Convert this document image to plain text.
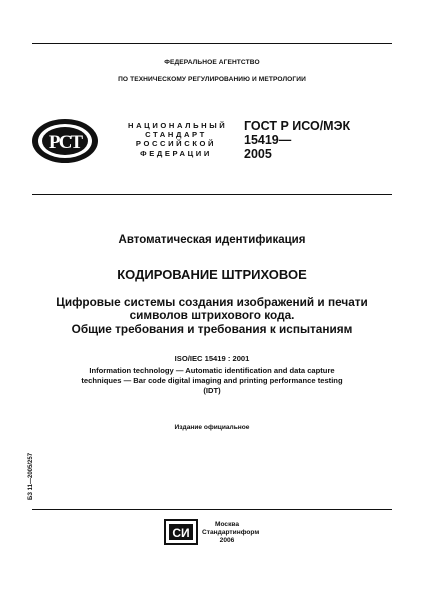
ФЕДЕРАЛЬНОЕ АГЕНТСТВО
ПО ТЕХНИЧЕСКОМУ РЕГУЛИРОВАНИЮ И МЕТРОЛОГИИ
РСТ
НАЦИОНАЛЬНЫЙ
СТАНДАРТ
РОССИЙСКОЙ
ФЕДЕРАЦИИ
ГОСТ Р ИСО/МЭК
15419—
2005
Автоматическая идентификация
КОДИРОВАНИЕ ШТРИХОВОЕ
Цифровые системы создания изображений и печати
символов штрихового кода.
Общие требования и требования к испытаниям
ISO/IEC 15419 : 2001
Information technology — Automatic identification and data capture
techniques — Bar code digital imaging and printing performance testing
(IDT)
Издание официальное
БЗ 11—2005/257
СИ
Москва
Стандартинформ
2006
